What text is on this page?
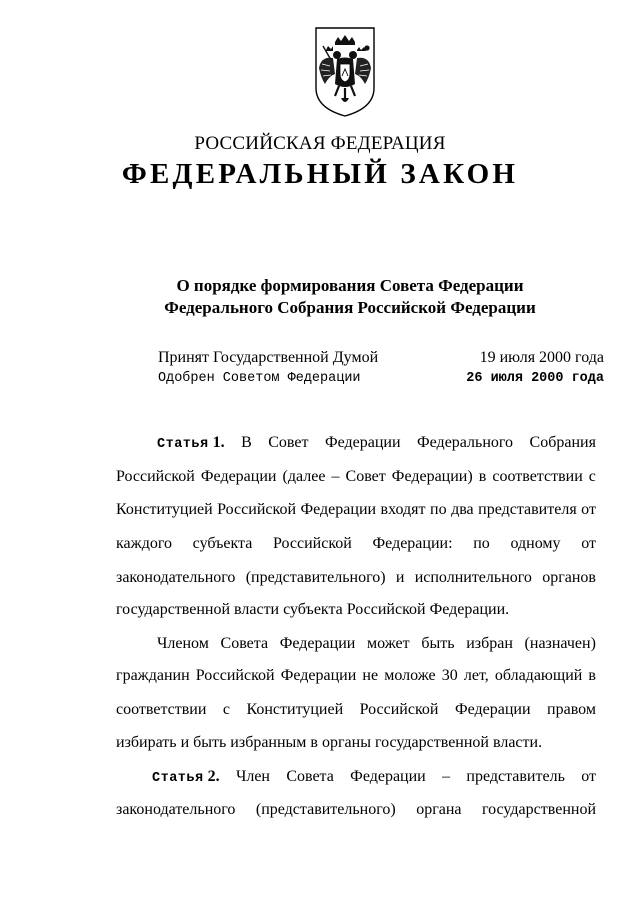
РОССИЙСКАЯ ФЕДЕРАЦИЯ
ФЕДЕРАЛЬНЫЙ ЗАКОН
О порядке формирования Совета Федерации
Федерального Собрания Российской Федерации
Принят Государственной Думой	19 июля 2000 года
Одобрен Советом Федерации	26 июля 2000 года
Статья 1. В Совет Федерации Федерального Собрания
Российской Федерации (далее – Совет Федерации) в соответствии с
Конституцией Российской Федерации входят по два представителя от
каждого субъекта Российской Федерации: по одному от
законодательного (представительного) и исполнительного органов
государственной власти субъекта Российской Федерации.
Членом Совета Федерации может быть избран (назначен)
гражданин Российской Федерации не моложе 30 лет, обладающий в
соответствии с Конституцией Российской Федерации правом
избирать и быть избранным в органы государственной власти.
Статья 2. Член Совета Федерации – представитель от
законодательного (представительного) органа государственной
